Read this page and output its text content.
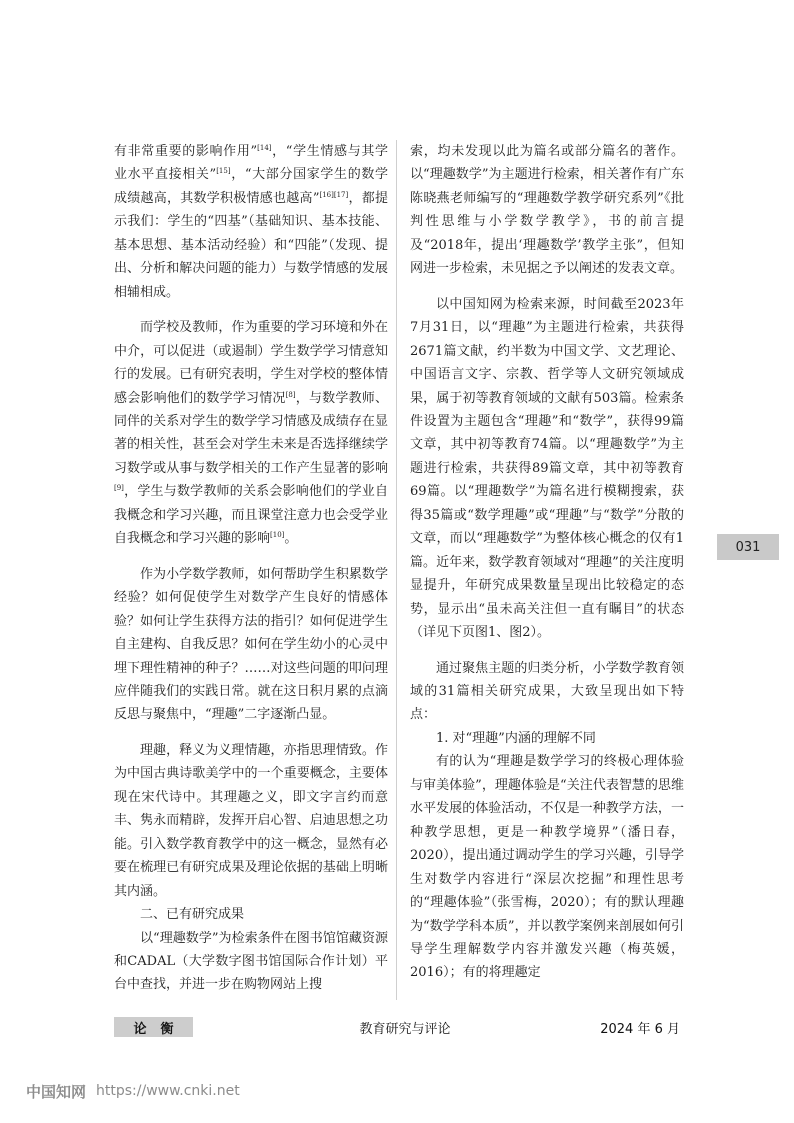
有非常重要的影响作用”[14]，“学生情感与其学业水平直接相关”[15]，“大部分国家学生的数学成绩越高，其数学积极情感也越高”[16][17]，都提示我们：学生的“四基”（基础知识、基本技能、基本思想、基本活动经验）和“四能”（发现、提出、分析和解决问题的能力）与数学情感的发展相辅相成。

而学校及教师，作为重要的学习环境和外在中介，可以促进（或遏制）学生数学学习情意知行的发展。已有研究表明，学生对学校的整体情感会影响他们的数学学习情况[8]，与数学教师、同伴的关系对学生的数学学习情感及成绩存在显著的相关性，甚至会对学生未来是否选择继续学习数学或从事与数学相关的工作产生显著的影响[9]，学生与数学教师的关系会影响他们的学业自我概念和学习兴趣，而且课堂注意力也会受学业自我概念和学习兴趣的影响[10]。

作为小学数学教师，如何帮助学生积累数学经验？如何促使学生对数学产生良好的情感体验？如何让学生获得方法的指引？如何促进学生自主建构、自我反思？如何在学生幼小的心灵中埋下理性精神的种子？……对这些问题的叩问理应伴随我们的实践日常。就在这日积月累的点滴反思与聚焦中，“理趣”二字逐渐凸显。

理趣，释义为义理情趣，亦指思理情致。作为中国古典诗歌美学中的一个重要概念，主要体现在宋代诗中。其理趣之义，即文字言约而意丰、隽永而精辟，发挥开启心智、启迪思想之功能。引入数学教育教学中的这一概念，显然有必要在梳理已有研究成果及理论依据的基础上明晰其内涵。

二、已有研究成果

以“理趣数学”为检索条件在图书馆馆藏资源和CADAL（大学数字图书馆国际合作计划）平台中查找，并进一步在购物网站上搜

索，均未发现以此为篇名或部分篇名的著作。以“理趣数学”为主题进行检索，相关著作有广东陈晓燕老师编写的“理趣数学教学研究系列”《批判性思维与小学数学教学》，书的前言提及“2018年，提出‘理趣数学’教学主张”，但知网进一步检索，未见据之予以阐述的发表文章。

以中国知网为检索来源，时间截至2023年7月31日，以“理趣”为主题进行检索，共获得2671篇文献，约半数为中国文学、文艺理论、中国语言文字、宗教、哲学等人文研究领域成果，属于初等教育领域的文献有503篇。检索条件设置为主题包含“理趣”和“数学”，获得99篇文章，其中初等教育74篇。以“理趣数学”为主题进行检索，共获得89篇文章，其中初等教育69篇。以“理趣数学”为篇名进行模糊搜索，获得35篇或“数学理趣”或“理趣”与“数学”分散的文章，而以“理趣数学”为整体核心概念的仅有1篇。近年来，数学教育领域对“理趣”的关注度明显提升，年研究成果数量呈现出比较稳定的态势，显示出“虽未高关注但一直有瞩目”的状态（详见下页图1、图2）。

通过聚焦主题的归类分析，小学数学教育领域的31篇相关研究成果，大致呈现出如下特点：

1. 对“理趣”内涵的理解不同

有的认为“理趣是数学学习的终极心理体验与审美体验”，理趣体验是“关注代表智慧的思维水平发展的体验活动，不仅是一种教学方法，一种教学思想，更是一种教学境界”（潘日春，2020），提出通过调动学生的学习兴趣，引导学生对数学内容进行“深层次挖掘”和理性思考的“理趣体验”（张雪梅，2020）；有的默认理趣为“数学学科本质”，并以教学案例来剖展如何引导学生理解数学内容并激发兴趣（梅英媛，2016）；有的将理趣定

031
论衡	教育研究与评论	2024 年 6 月
中国知网 https://www.cnki.net
